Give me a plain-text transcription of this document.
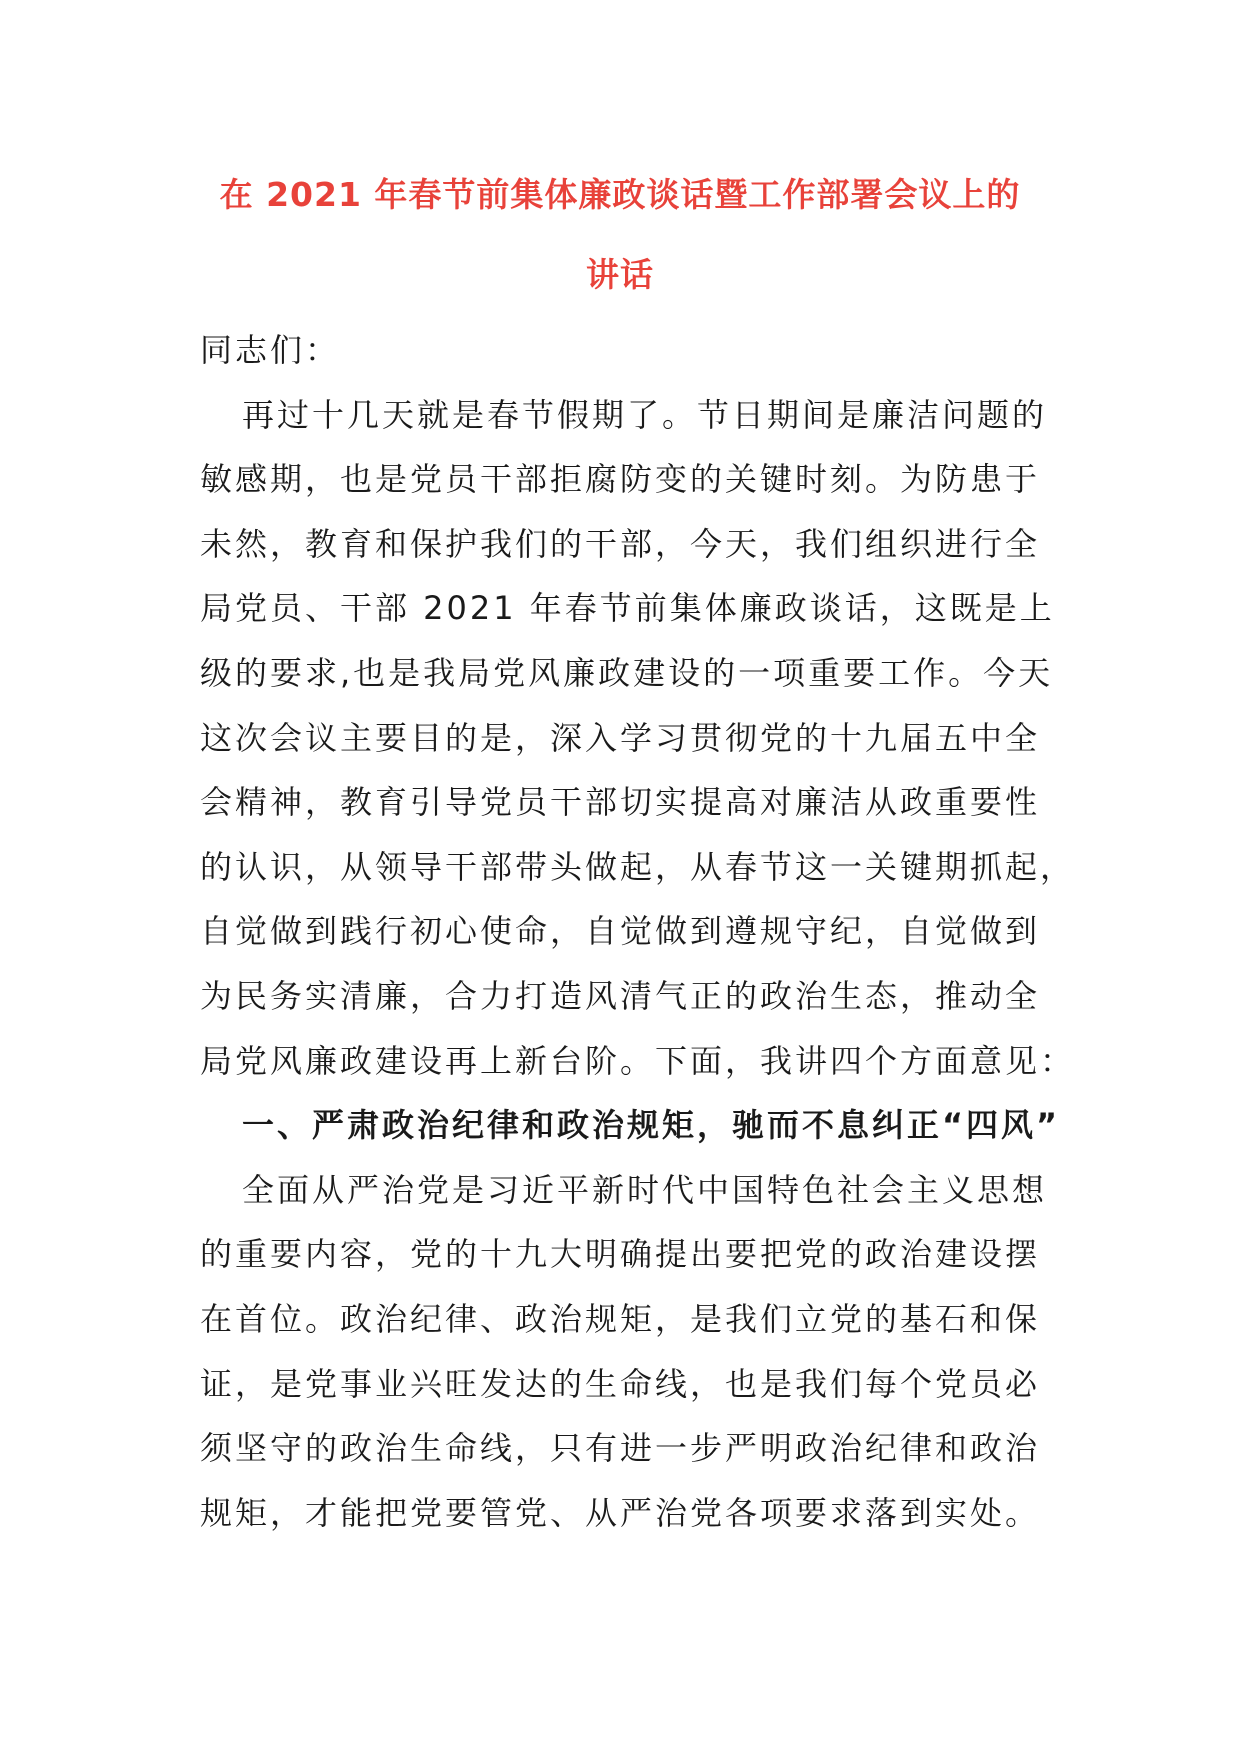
在 2021 年春节前集体廉政谈话暨工作部署会议上的
讲话
同志们：
再过十几天就是春节假期了。节日期间是廉洁问题的
敏感期，也是党员干部拒腐防变的关键时刻。为防患于
未然，教育和保护我们的干部，今天，我们组织进行全
局党员、干部 2021 年春节前集体廉政谈话，这既是上
级的要求,也是我局党风廉政建设的一项重要工作。今天
这次会议主要目的是，深入学习贯彻党的十九届五中全
会精神，教育引导党员干部切实提高对廉洁从政重要性
的认识，从领导干部带头做起，从春节这一关键期抓起，
自觉做到践行初心使命，自觉做到遵规守纪，自觉做到
为民务实清廉，合力打造风清气正的政治生态，推动全
局党风廉政建设再上新台阶。下面，我讲四个方面意见：
一、严肃政治纪律和政治规矩，驰而不息纠正“四风”
全面从严治党是习近平新时代中国特色社会主义思想
的重要内容，党的十九大明确提出要把党的政治建设摆
在首位。政治纪律、政治规矩，是我们立党的基石和保
证，是党事业兴旺发达的生命线，也是我们每个党员必
须坚守的政治生命线，只有进一步严明政治纪律和政治
规矩，才能把党要管党、从严治党各项要求落到实处。
